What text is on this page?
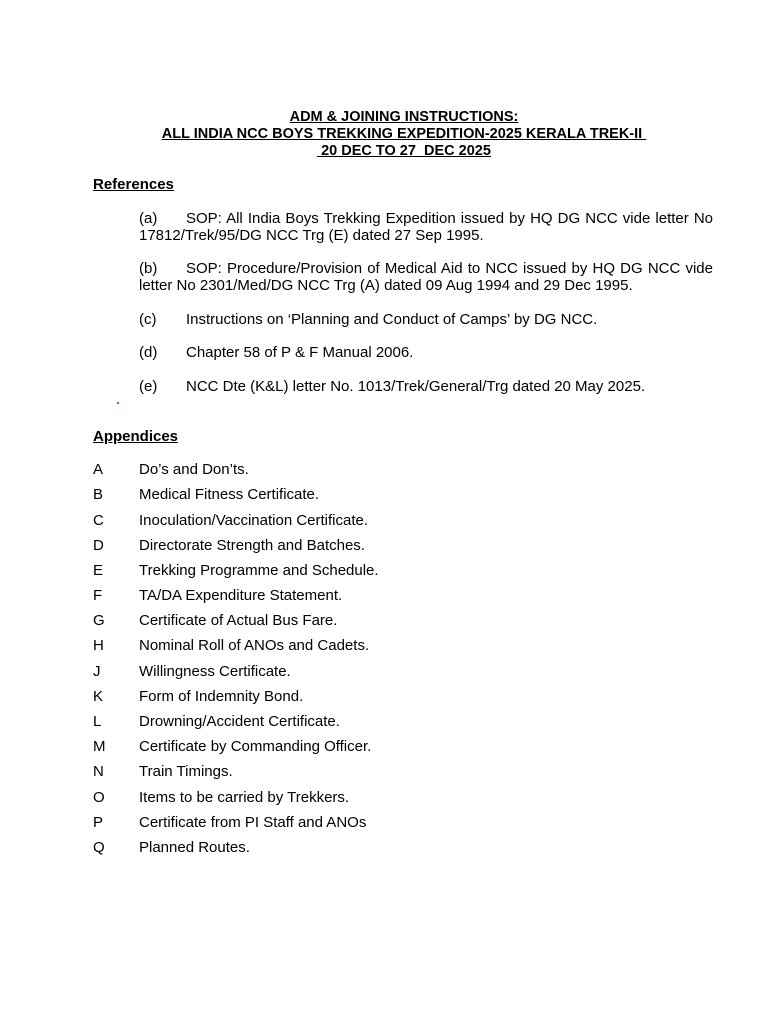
ADM & JOINING INSTRUCTIONS:
ALL INDIA NCC BOYS TREKKING EXPEDITION-2025 KERALA TREK-II
20 DEC TO 27  DEC 2025
References
(a) SOP: All India Boys Trekking Expedition issued by HQ DG NCC vide letter No 17812/Trek/95/DG NCC Trg (E) dated 27 Sep 1995.
(b) SOP: Procedure/Provision of Medical Aid to NCC issued by HQ DG NCC vide letter No 2301/Med/DG NCC Trg (A) dated 09 Aug 1994 and 29 Dec 1995.
(c) Instructions on ‘Planning and Conduct of Camps’ by DG NCC.
(d) Chapter 58 of P & F Manual 2006.
(e) NCC Dte (K&L) letter No. 1013/Trek/General/Trg dated 20 May 2025.
Appendices
A Do’s and Don’ts.
B Medical Fitness Certificate.
C Inoculation/Vaccination Certificate.
D Directorate Strength and Batches.
E Trekking Programme and Schedule.
F TA/DA Expenditure Statement.
G Certificate of Actual Bus Fare.
H Nominal Roll of ANOs and Cadets.
J	Willingness Certificate.
K Form of Indemnity Bond.
L	Drowning/Accident Certificate.
M Certificate by Commanding Officer.
N Train Timings.
O Items to be carried by Trekkers.
P Certificate from PI Staff and ANOs
Q Planned Routes.
